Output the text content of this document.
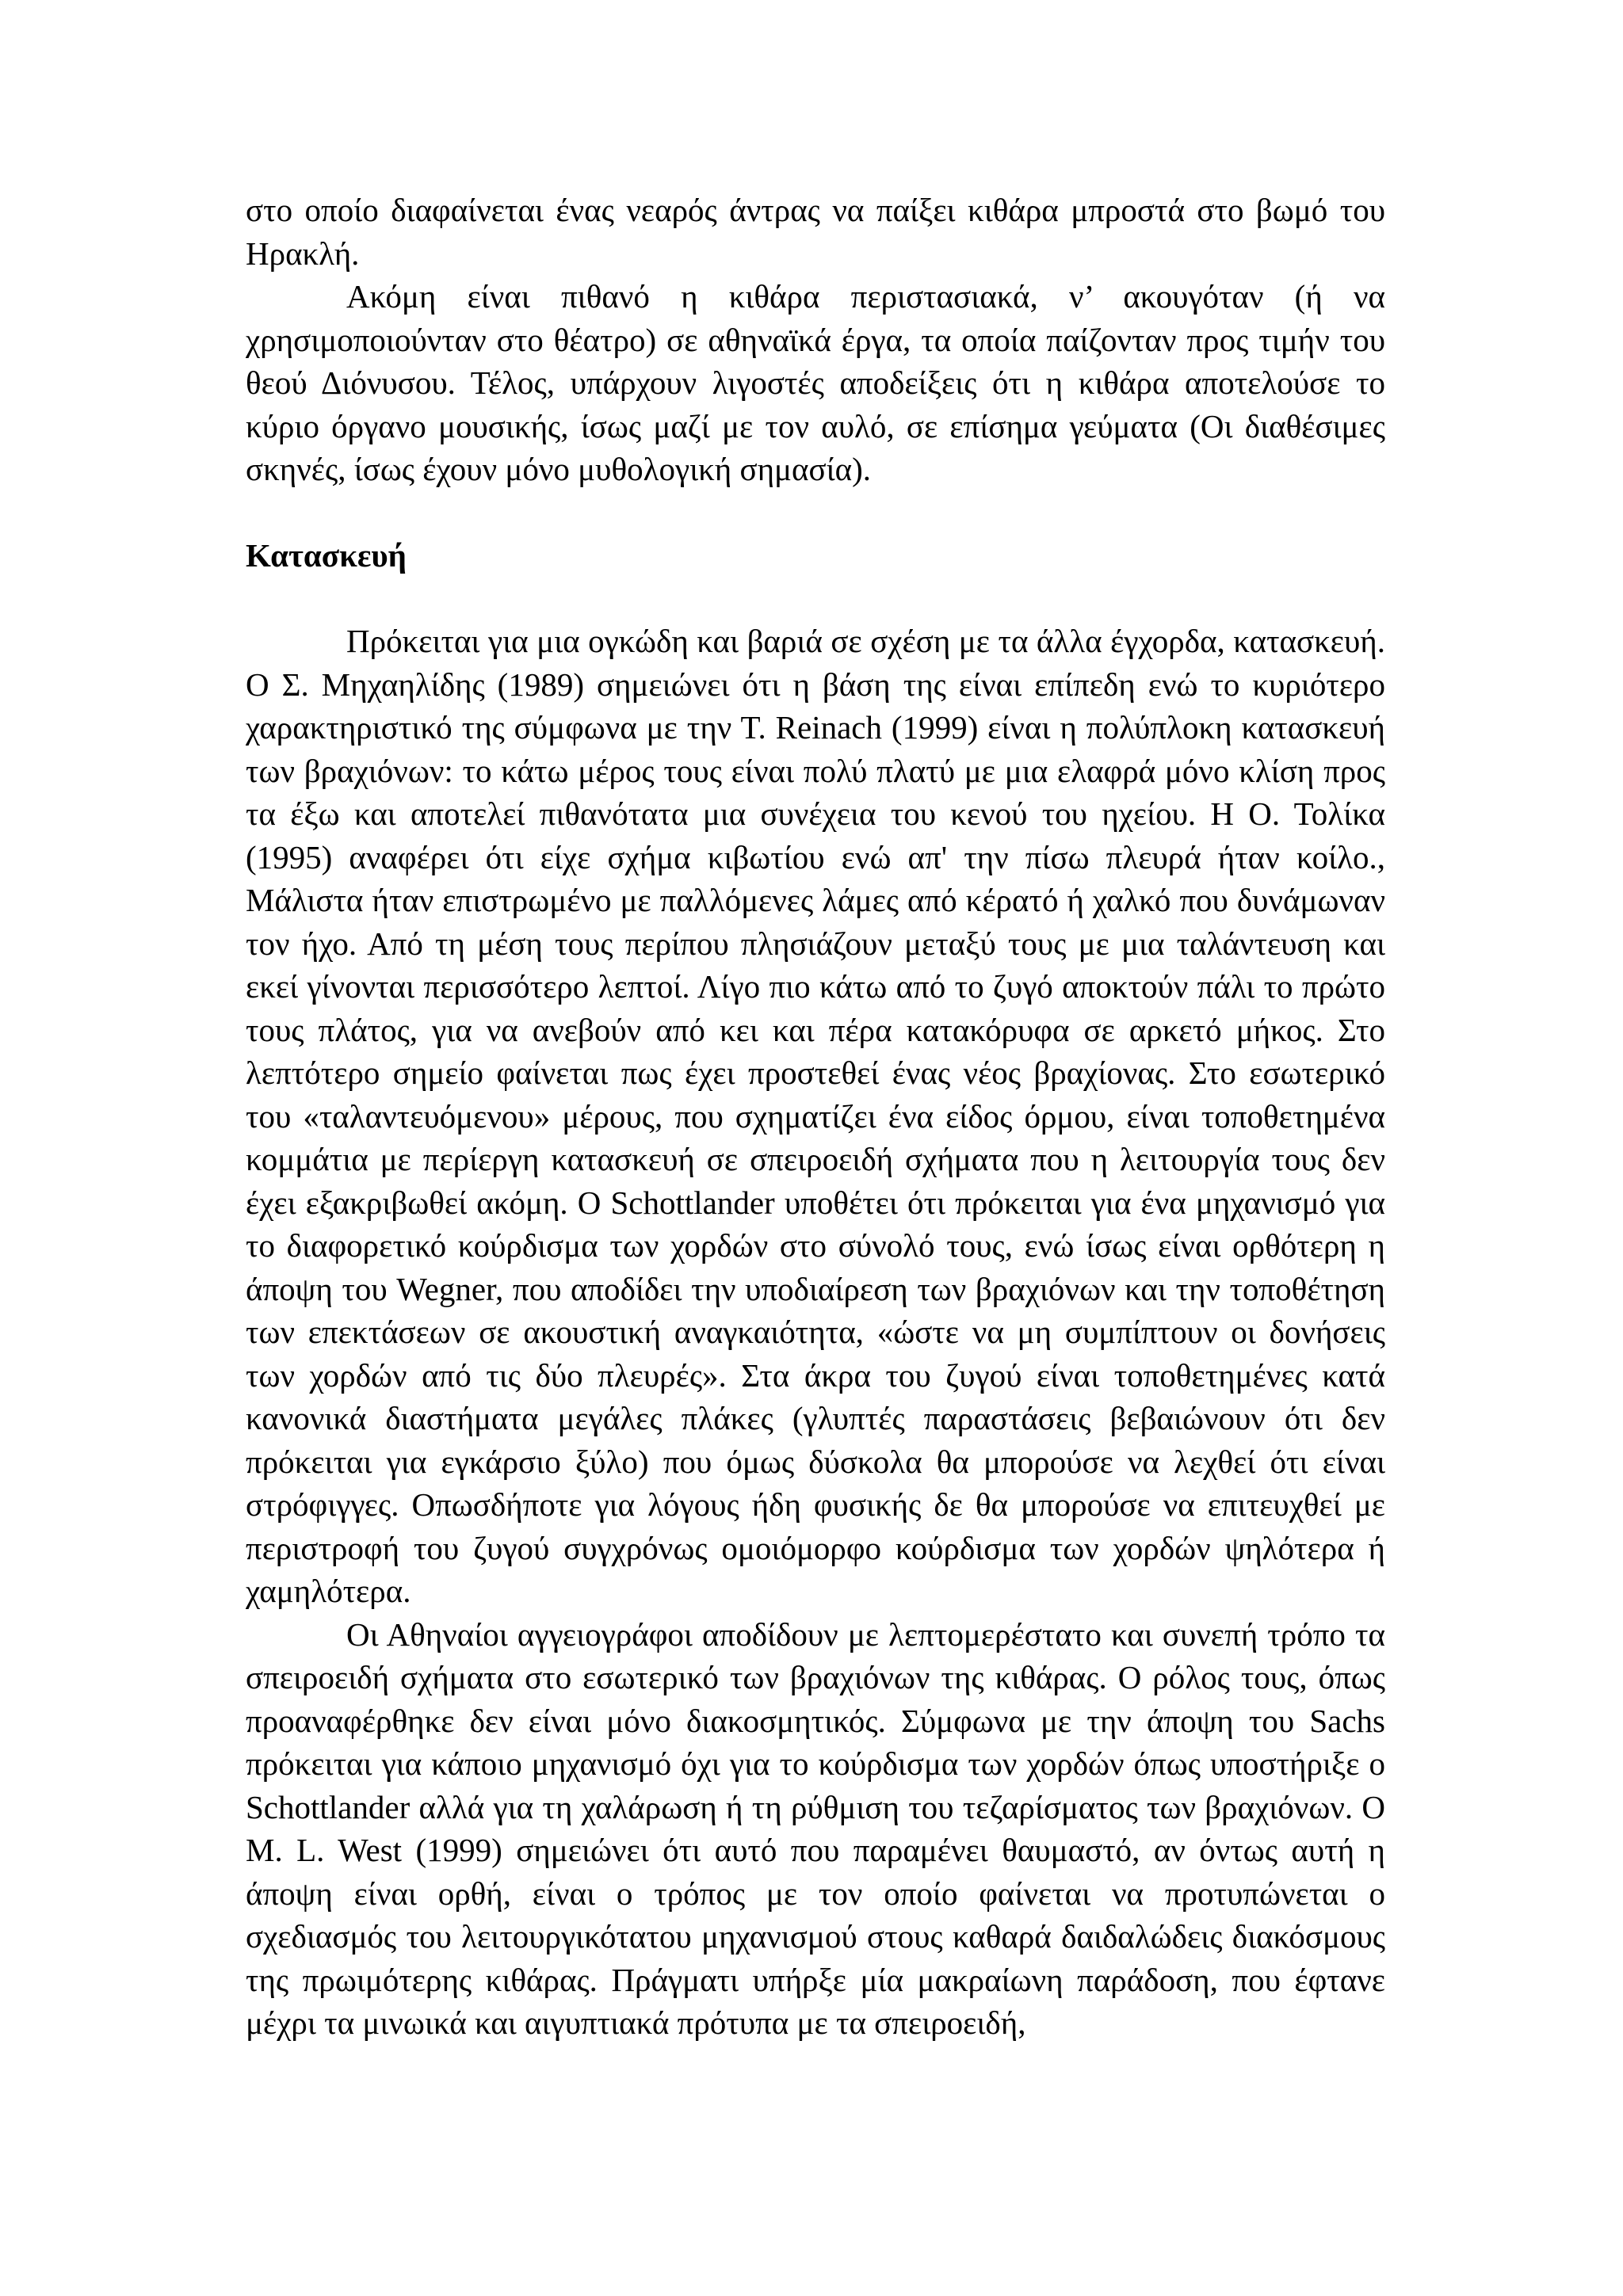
στο οποίο διαφαίνεται ένας νεαρός άντρας να παίξει κιθάρα μπροστά στο βωμό του Ηρακλή.

Ακόμη είναι πιθανό η κιθάρα περιστασιακά, ν’ ακουγόταν (ή να χρησιμοποιούνταν στο θέατρο) σε αθηναϊκά έργα, τα οποία παίζονταν προς τιμήν του θεού Διόνυσου. Τέλος, υπάρχουν λιγοστές αποδείξεις ότι η κιθάρα αποτελούσε το κύριο όργανο μουσικής, ίσως μαζί με τον αυλό, σε επίσημα γεύματα (Οι διαθέσιμες σκηνές, ίσως έχουν μόνο μυθολογική σημασία).

Κατασκευή

Πρόκειται για μια ογκώδη και βαριά σε σχέση με τα άλλα έγχορδα, κατασκευή. Ο Σ. Μηχαηλίδης (1989) σημειώνει ότι η βάση της είναι επίπεδη ενώ το κυριότερο χαρακτηριστικό της σύμφωνα με την Τ. Reinach (1999) είναι η πολύπλοκη κατασκευή των βραχιόνων: το κάτω μέρος τους είναι πολύ πλατύ με μια ελαφρά μόνο κλίση προς τα έξω και αποτελεί πιθανότατα μια συνέχεια του κενού του ηχείου. Η Ο. Τολίκα (1995) αναφέρει ότι είχε σχήμα κιβωτίου ενώ απ' την πίσω πλευρά ήταν κοίλο., Μάλιστα ήταν επιστρωμένο με παλλόμενες λάμες από κέρατό ή χαλκό που δυνάμωναν τον ήχο. Από τη μέση τους περίπου πλησιάζουν μεταξύ τους με μια ταλάντευση και εκεί γίνονται περισσότερο λεπτοί. Λίγο πιο κάτω από το ζυγό αποκτούν πάλι το πρώτο τους πλάτος, για να ανεβούν από κει και πέρα κατακόρυφα σε αρκετό μήκος. Στο λεπτότερο σημείο φαίνεται πως έχει προστεθεί ένας νέος βραχίονας. Στο εσωτερικό του «ταλαντευόμενου» μέρους, που σχηματίζει ένα είδος όρμου, είναι τοποθετημένα κομμάτια με περίεργη κατασκευή σε σπειροειδή σχήματα που η λειτουργία τους δεν έχει εξακριβωθεί ακόμη. Ο Schottlander υποθέτει ότι πρόκειται για ένα μηχανισμό για το διαφορετικό κούρδισμα των χορδών στο σύνολό τους, ενώ ίσως είναι ορθότερη η άποψη του Wegner, που αποδίδει την υποδιαίρεση των βραχιόνων και την τοποθέτηση των επεκτάσεων σε ακουστική αναγκαιότητα, «ώστε να μη συμπίπτουν οι δονήσεις των χορδών από τις δύο πλευρές». Στα άκρα του ζυγού είναι τοποθετημένες κατά κανονικά διαστήματα μεγάλες πλάκες (γλυπτές παραστάσεις βεβαιώνουν ότι δεν πρόκειται για εγκάρσιο ξύλο) που όμως δύσκολα θα μπορούσε να λεχθεί ότι είναι στρόφιγγες. Οπωσδήποτε για λόγους ήδη φυσικής δε θα μπορούσε να επιτευχθεί με περιστροφή του ζυγού συγχρόνως ομοιόμορφο κούρδισμα των χορδών ψηλότερα ή χαμηλότερα.

Οι Αθηναίοι αγγειογράφοι αποδίδουν με λεπτομερέστατο και συνεπή τρόπο τα σπειροειδή σχήματα στο εσωτερικό των βραχιόνων της κιθάρας. Ο ρόλος τους, όπως προαναφέρθηκε δεν είναι μόνο διακοσμητικός. Σύμφωνα με την άποψη του Sachs πρόκειται για κάποιο μηχανισμό όχι για το κούρδισμα των χορδών όπως υποστήριξε ο Schottlander αλλά για τη χαλάρωση ή τη ρύθμιση του τεζαρίσματος των βραχιόνων. Ο Μ. L. West (1999) σημειώνει ότι αυτό που παραμένει θαυμαστό, αν όντως αυτή η άποψη είναι ορθή, είναι ο τρόπος με τον οποίο φαίνεται να προτυπώνεται ο σχεδιασμός του λειτουργικότατου μηχανισμού στους καθαρά δαιδαλώδεις διακόσμους της πρωιμότερης κιθάρας. Πράγματι υπήρξε μία μακραίωνη παράδοση, που έφτανε μέχρι τα μινωικά και αιγυπτιακά πρότυπα με τα σπειροειδή,
